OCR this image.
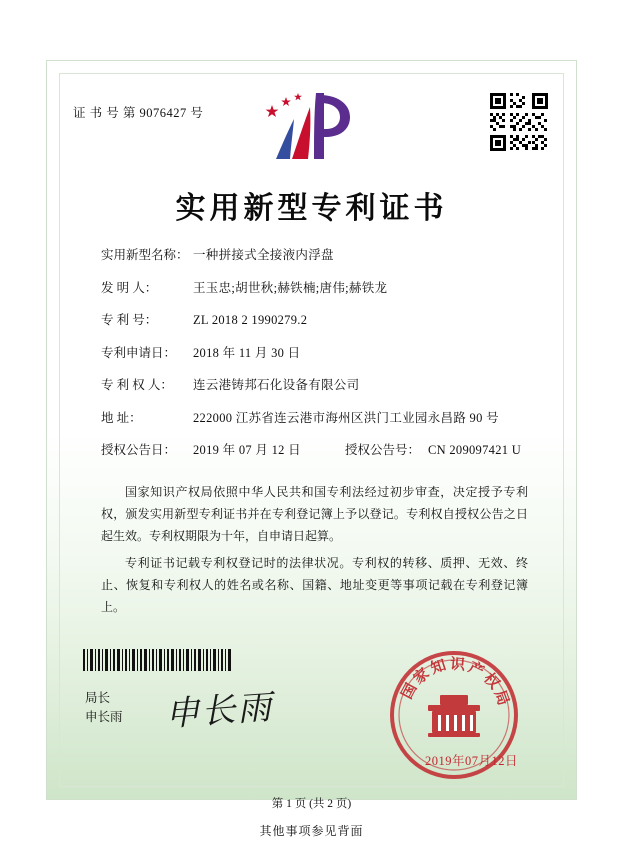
证 书 号 第 9076427 号
实用新型专利证书
实用新型名称： 一种拼接式全接液内浮盘
发 明 人：	王玉忠;胡世秋;赫铁楠;唐伟;赫铁龙
专 利 号：	ZL 2018 2 1990279.2
专利申请日：	2018 年 11 月 30 日
专 利 权 人：	连云港铸邦石化设备有限公司
地 址：	222000 江苏省连云港市海州区洪门工业园永昌路 90 号
授权公告日：	2019 年 07 月 12 日	授权公告号： CN 209097421 U

国家知识产权局依照中华人民共和国专利法经过初步审查，决定授予专利权，颁发实用新型专利证书并在专利登记簿上予以登记。专利权自授权公告之日起生效。专利权期限为十年，自申请日起算。

专利证书记载专利权登记时的法律状况。专利权的转移、质押、无效、终止、恢复和专利权人的姓名或名称、国籍、地址变更等事项记载在专利登记簿上。

局长
申长雨 申长雨	国
家
知 识 产
权
局
2019年07月12日
第 1 页 (共 2 页)
其他事项参见背面
